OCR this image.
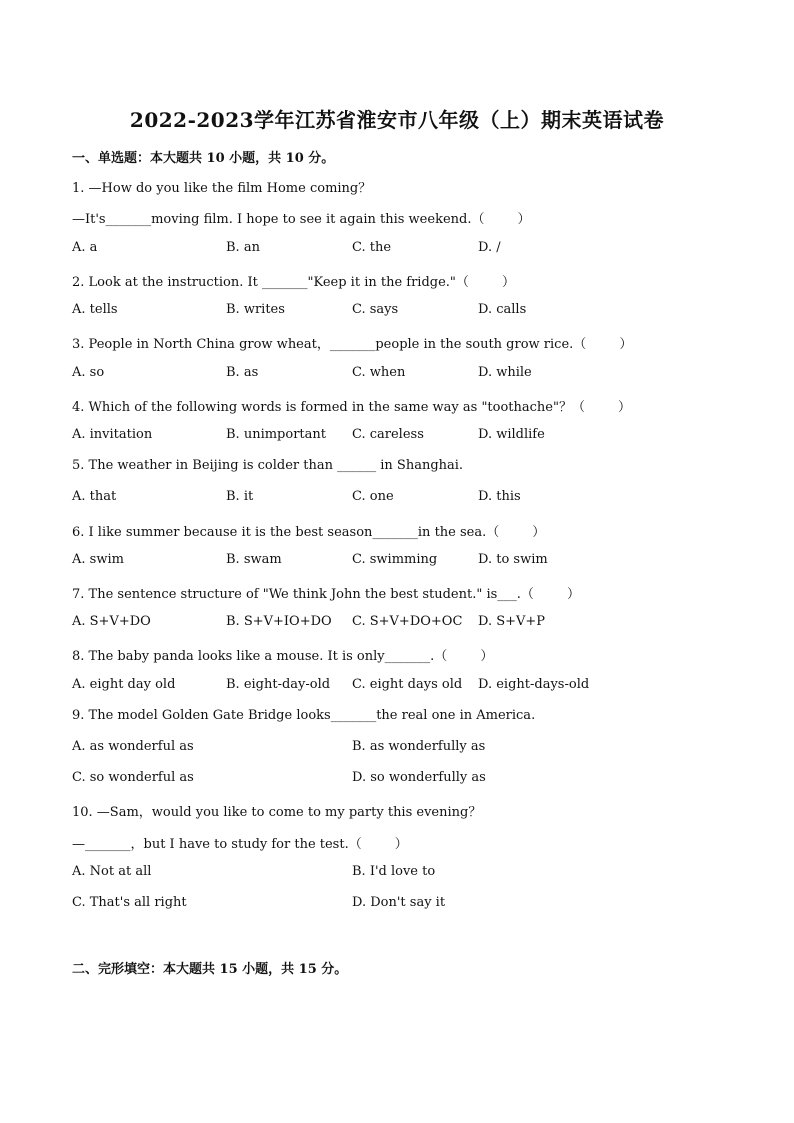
2022-2023学年江苏省淮安市八年级（上）期末英语试卷
一、单选题：本大题共 10 小题，共 10 分。
1. —How do you like the film Home coming？
—It's_______moving film. I hope to see it again this weekend.（        ）
A. a	B. an	C. the	D. /
2. Look at the instruction. It _______"Keep it in the fridge."（        ）
A. tells	B. writes	C. says	D. calls
3. People in North China grow wheat，_______people in the south grow rice.（        ）
A. so	B. as	C. when	D. while
4. Which of the following words is formed in the same way as "toothache"？（        ）
A. invitation	B. unimportant C. careless	D. wildlife
5. The weather in Beijing is colder than ______ in Shanghai.
A. that	B. it	C. one	D. this
6. I like summer because it is the best season_______in the sea.（        ）
A. swim	B. swam	C. swimming	D. to swim
7. The sentence structure of "We think John the best student." is___.（        ）
A. S+V+DO	B. S+V+IO+DO C. S+V+DO+OC D. S+V+P
8. The baby panda looks like a mouse. It is only_______.（        ）
A. eight day old	B. eight-day-old C. eight days old D. eight-days-old
9. The model Golden Gate Bridge looks_______the real one in America.
A. as wonderful as	B. as wonderfully as
C. so wonderful as	D. so wonderfully as
10. —Sam，would you like to come to my party this evening？
—_______，but I have to study for the test.（        ）
A. Not at all	B. I'd love to
C. That's all right	D. Don't say it
二、完形填空：本大题共 15 小题，共 15 分。
